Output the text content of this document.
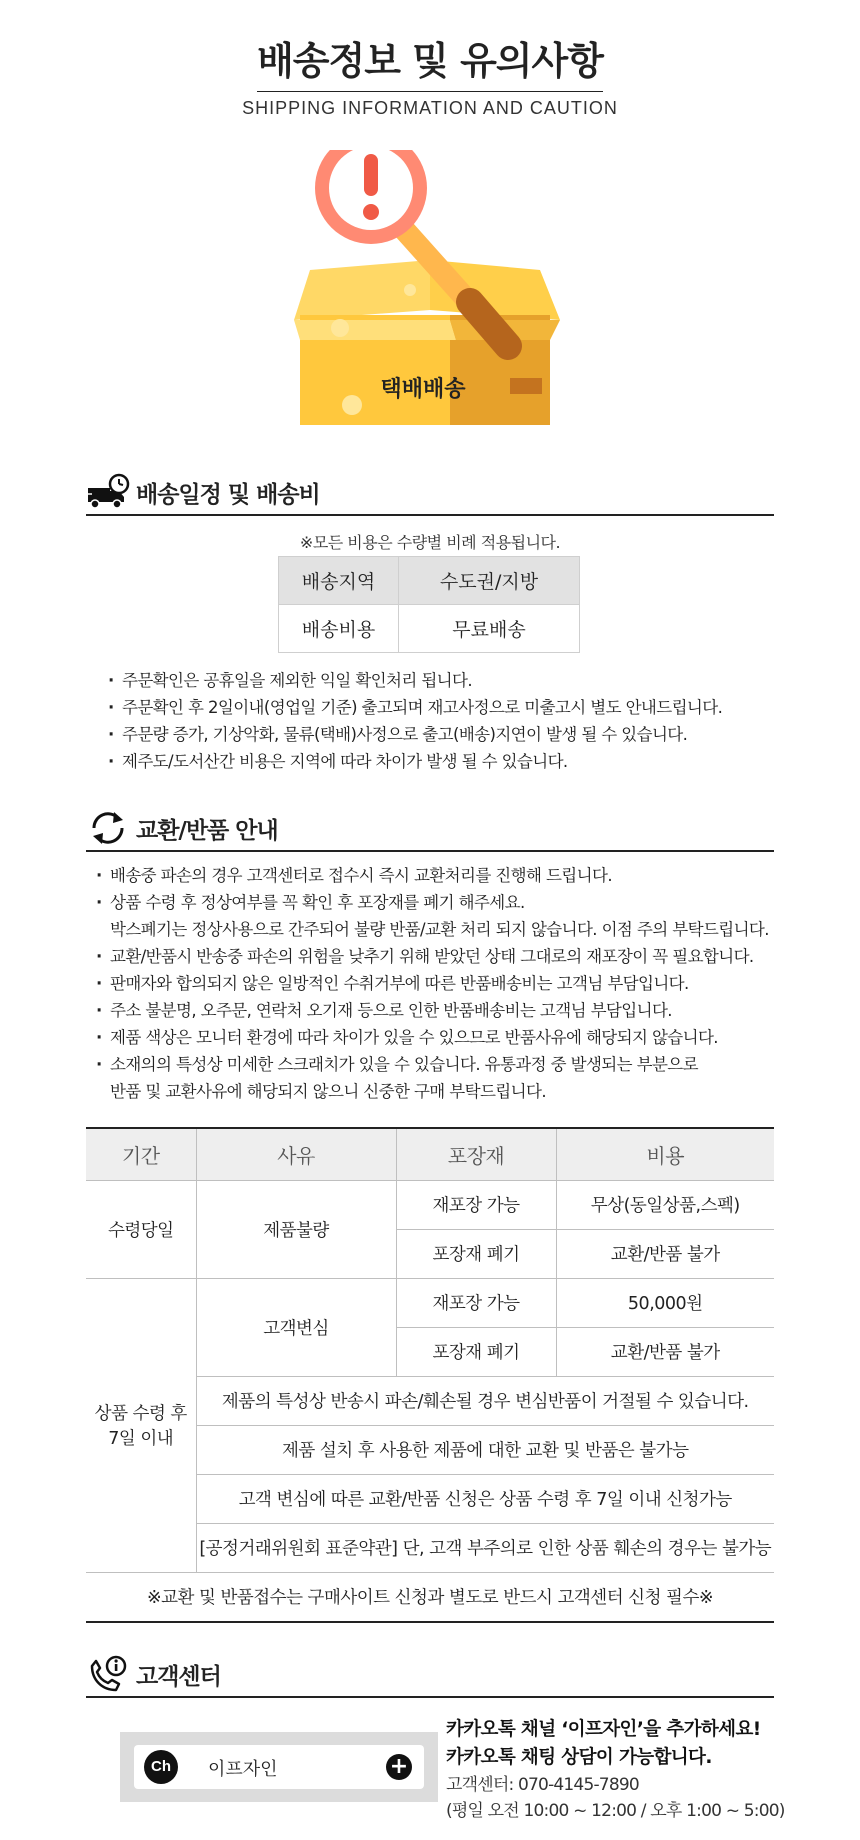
배송정보 및 유의사항
SHIPPING INFORMATION AND CAUTION
택배배송
배송일정 및 배송비
※모든 비용은 수량별 비례 적용됩니다.
배송지역	수도권/지방
배송비용	무료배송
· 주문확인은 공휴일을 제외한 익일 확인처리 됩니다.
· 주문확인 후 2일이내(영업일 기준) 출고되며 재고사정으로 미출고시 별도 안내드립니다.
· 주문량 증가, 기상악화, 물류(택배)사정으로 출고(배송)지연이 발생 될 수 있습니다.
· 제주도/도서산간 비용은 지역에 따라 차이가 발생 될 수 있습니다.
교환/반품 안내
· 배송중 파손의 경우 고객센터로 접수시 즉시 교환처리를 진행해 드립니다.
· 상품 수령 후 정상여부를 꼭 확인 후 포장재를 폐기 해주세요.
박스폐기는 정상사용으로 간주되어 불량 반품/교환 처리 되지 않습니다. 이점 주의 부탁드립니다.
· 교환/반품시 반송중 파손의 위험을 낮추기 위해 받았던 상태 그대로의 재포장이 꼭 필요합니다.
· 판매자와 합의되지 않은 일방적인 수취거부에 따른 반품배송비는 고객님 부담입니다.
· 주소 불분명, 오주문, 연락처 오기재 등으로 인한 반품배송비는 고객님 부담입니다.
· 제품 색상은 모니터 환경에 따라 차이가 있을 수 있으므로 반품사유에 해당되지 않습니다.
· 소재의의 특성상 미세한 스크래치가 있을 수 있습니다. 유통과정 중 발생되는 부분으로
반품 및 교환사유에 해당되지 않으니 신중한 구매 부탁드립니다.
기간	사유	포장재	비용
수령당일	제품불량	재포장 가능	무상(동일상품,스펙)
		포장재 폐기	교환/반품 불가
상품 수령 후
7일 이내	고객변심	재포장 가능	50,000원
		포장재 폐기	교환/반품 불가
	제품의 특성상 반송시 파손/훼손될 경우 변심반품이 거절될 수 있습니다.		
	제품 설치 후 사용한 제품에 대한 교환 및 반품은 불가능		
	고객 변심에 따른 교환/반품 신청은 상품 수령 후 7일 이내 신청가능		
	[공정거래위원회 표준약관] 단, 고객 부주의로 인한 상품 훼손의 경우는 불가능		
※교환 및 반품접수는 구매사이트 신청과 별도로 반드시 고객센터 신청 필수※			
고객센터
Ch	이프자인	+
카카오톡 채널 ‘이프자인’을 추가하세요!
카카오톡 채팅 상담이 가능합니다.
고객센터: 070-4145-7890
(평일 오전 10:00 ~ 12:00 / 오후 1:00 ~ 5:00)
